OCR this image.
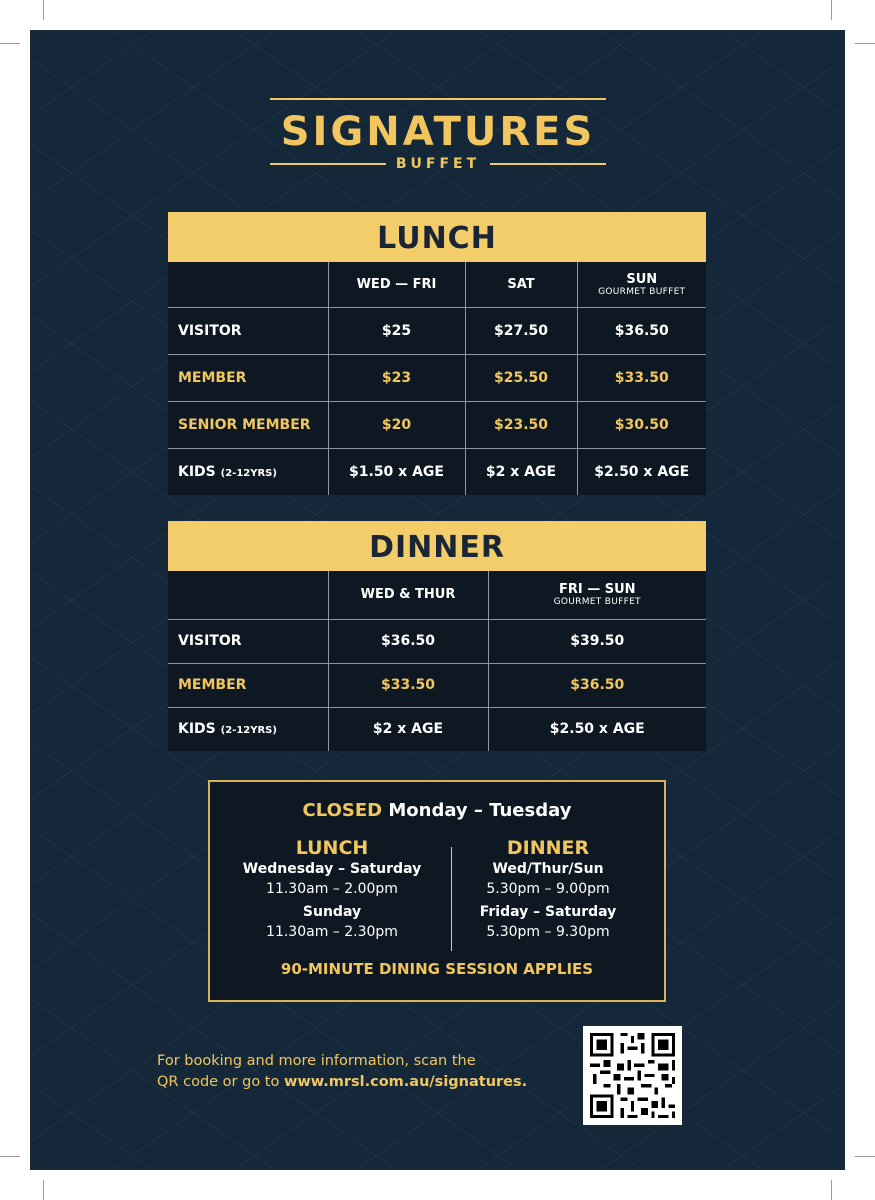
SIGNATURES
BUFFET
LUNCH
	WED — FRI	SAT	SUN
GOURMET BUFFET

VISITOR	$25	$27.50	$36.50
MEMBER	$23	$25.50	$33.50
SENIOR MEMBER	$20	$23.50	$30.50
KIDS (2-12YRS)	$1.50 x AGE	$2 x AGE	$2.50 x AGE
DINNER
	WED & THUR	FRI — SUN
GOURMET BUFFET

VISITOR	$36.50	$39.50
MEMBER	$33.50	$36.50
KIDS (2-12YRS)	$2 x AGE	$2.50 x AGE
CLOSED Monday – Tuesday
LUNCH
Wednesday – Saturday
11.30am – 2.00pm
Sunday
11.30am – 2.30pm
DINNER
Wed/Thur/Sun
5.30pm – 9.00pm
Friday – Saturday
5.30pm – 9.30pm
90-MINUTE DINING SESSION APPLIES
For booking and more information, scan the
QR code or go to www.mrsl.com.au/signatures.
